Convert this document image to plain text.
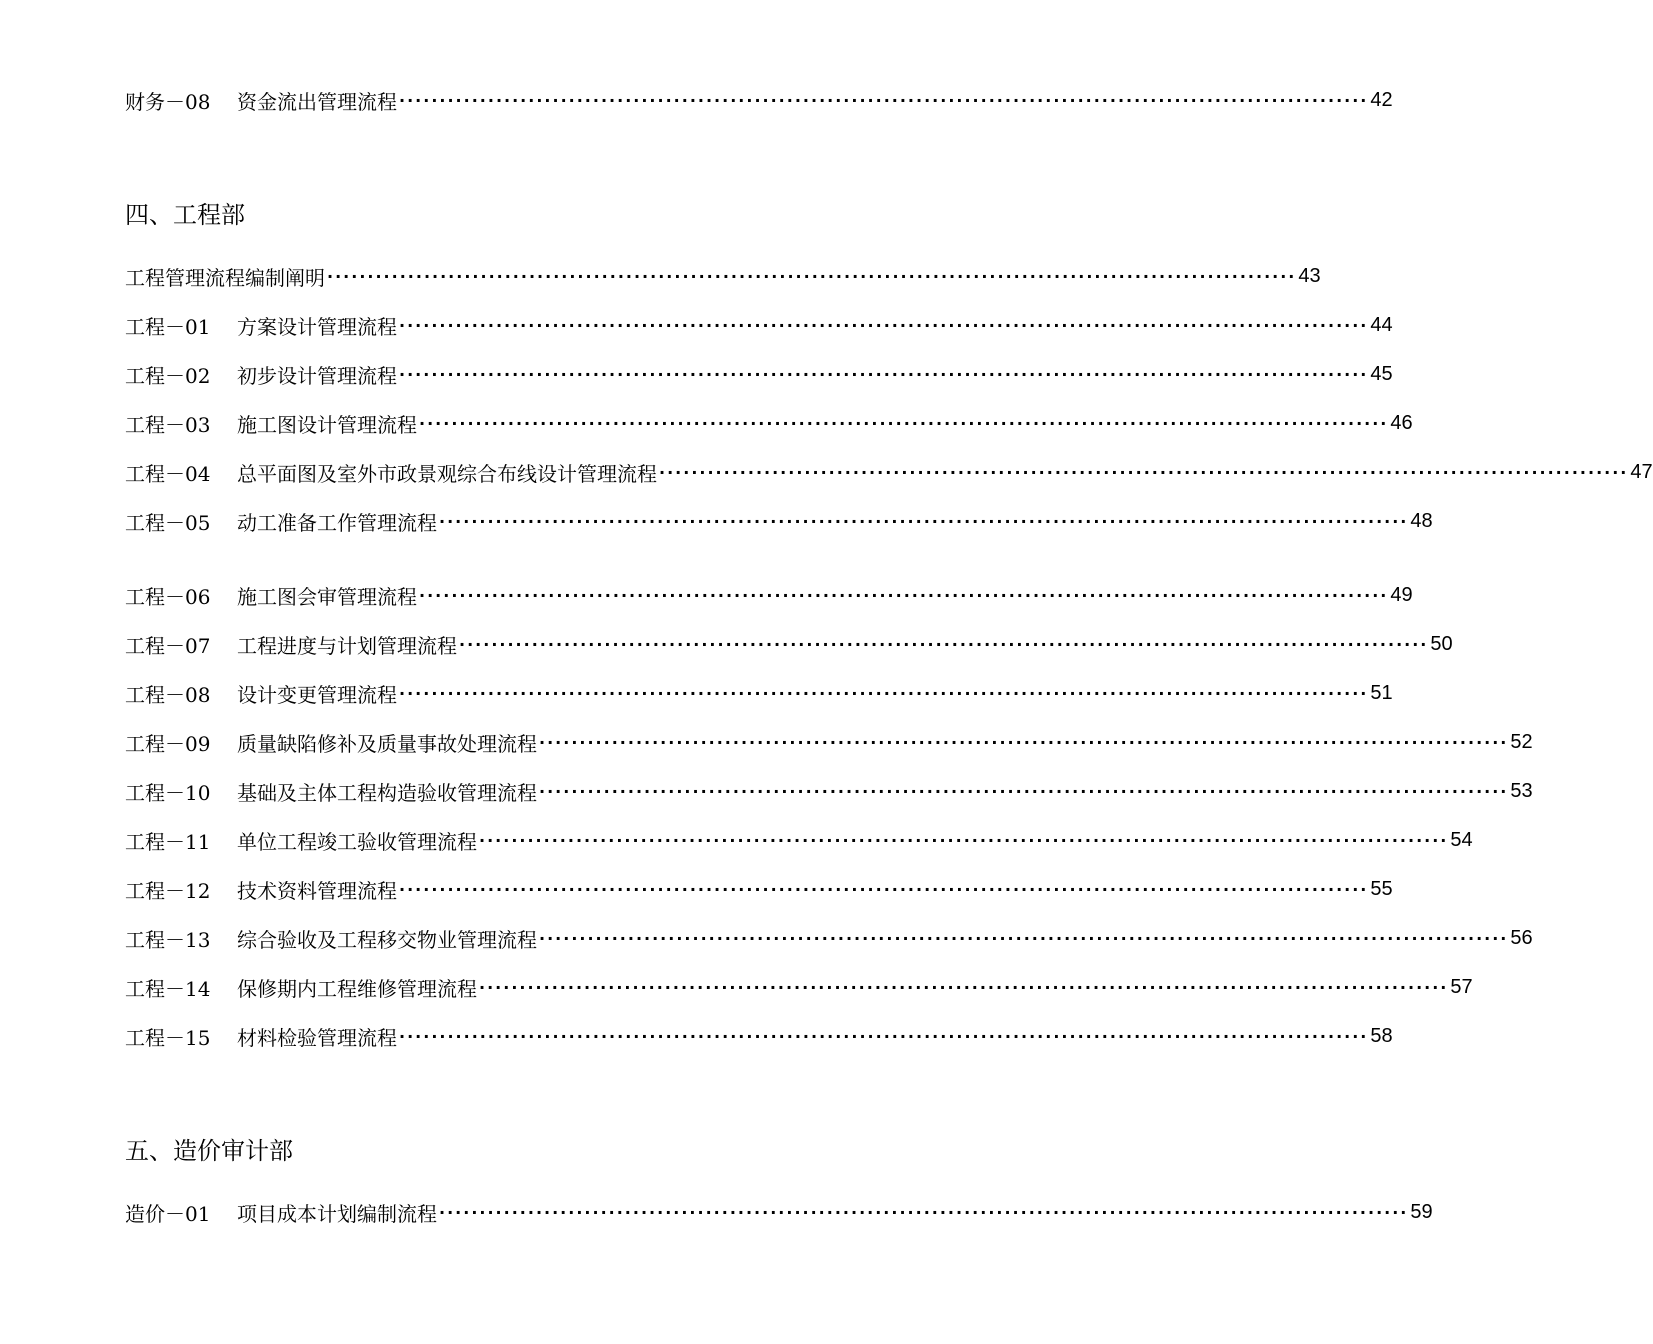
财务－08	资金流出管理流程 ························································································································ 42
四、工程部
工程管理流程编制阐明 ························································································································ 43
工程－01	方案设计管理流程 ························································································································ 44
工程－02	初步设计管理流程 ························································································································ 45
工程－03	施工图设计管理流程 ························································································································ 46
工程－04	总平面图及室外市政景观综合布线设计管理流程 ························································································································ 47
工程－05	动工准备工作管理流程 ························································································································ 48
工程－06	施工图会审管理流程 ························································································································ 49
工程－07	工程进度与计划管理流程 ························································································································ 50
工程－08	设计变更管理流程 ························································································································ 51
工程－09	质量缺陷修补及质量事故处理流程 ························································································································ 52
工程－10	基础及主体工程构造验收管理流程 ························································································································ 53
工程－11	单位工程竣工验收管理流程 ························································································································ 54
工程－12	技术资料管理流程 ························································································································ 55
工程－13	综合验收及工程移交物业管理流程 ························································································································ 56
工程－14	保修期内工程维修管理流程 ························································································································ 57
工程－15	材料检验管理流程 ························································································································ 58
五、造价审计部
造价－01	项目成本计划编制流程 ························································································································ 59
